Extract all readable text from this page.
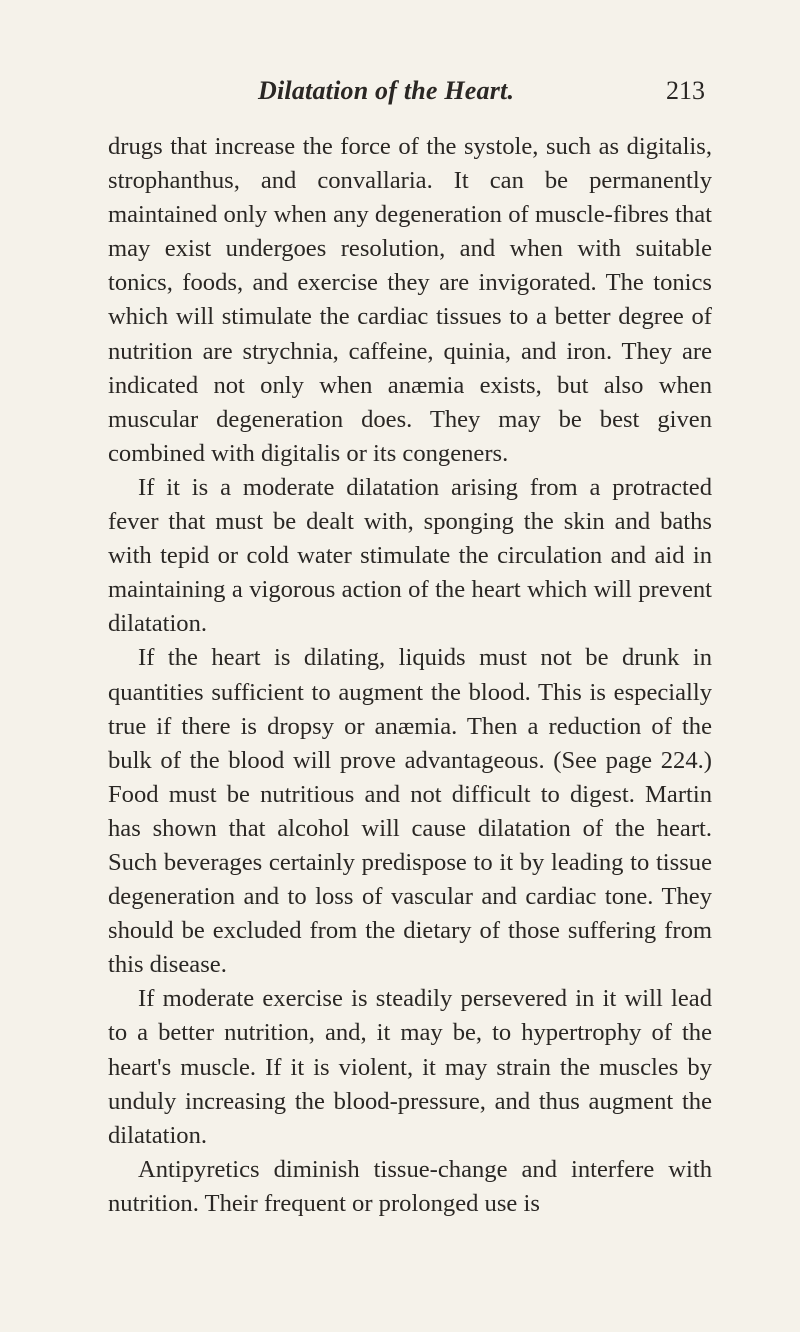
Dilatation of the Heart.	213

drugs that increase the force of the systole, such as digitalis, strophanthus, and convallaria. It can be permanently maintained only when any degeneration of muscle-fibres that may exist undergoes resolution, and when with suitable tonics, foods, and exercise they are invigorated. The tonics which will stimulate the cardiac tissues to a better degree of nutrition are strychnia, caffeine, quinia, and iron. They are indicated not only when anæmia exists, but also when muscular degeneration does. They may be best given combined with digitalis or its congeners.

If it is a moderate dilatation arising from a protracted fever that must be dealt with, sponging the skin and baths with tepid or cold water stimulate the circulation and aid in maintaining a vigorous action of the heart which will prevent dilatation.

If the heart is dilating, liquids must not be drunk in quantities sufficient to augment the blood. This is especially true if there is dropsy or anæmia. Then a reduction of the bulk of the blood will prove advantageous. (See page 224.) Food must be nutritious and not difficult to digest. Martin has shown that alcohol will cause dilatation of the heart. Such beverages certainly predispose to it by leading to tissue degeneration and to loss of vascular and cardiac tone. They should be excluded from the dietary of those suffering from this disease.

If moderate exercise is steadily persevered in it will lead to a better nutrition, and, it may be, to hypertrophy of the heart's muscle. If it is violent, it may strain the muscles by unduly increasing the blood-pressure, and thus augment the dilatation.

Antipyretics diminish tissue-change and interfere with nutrition. Their frequent or prolonged use is
